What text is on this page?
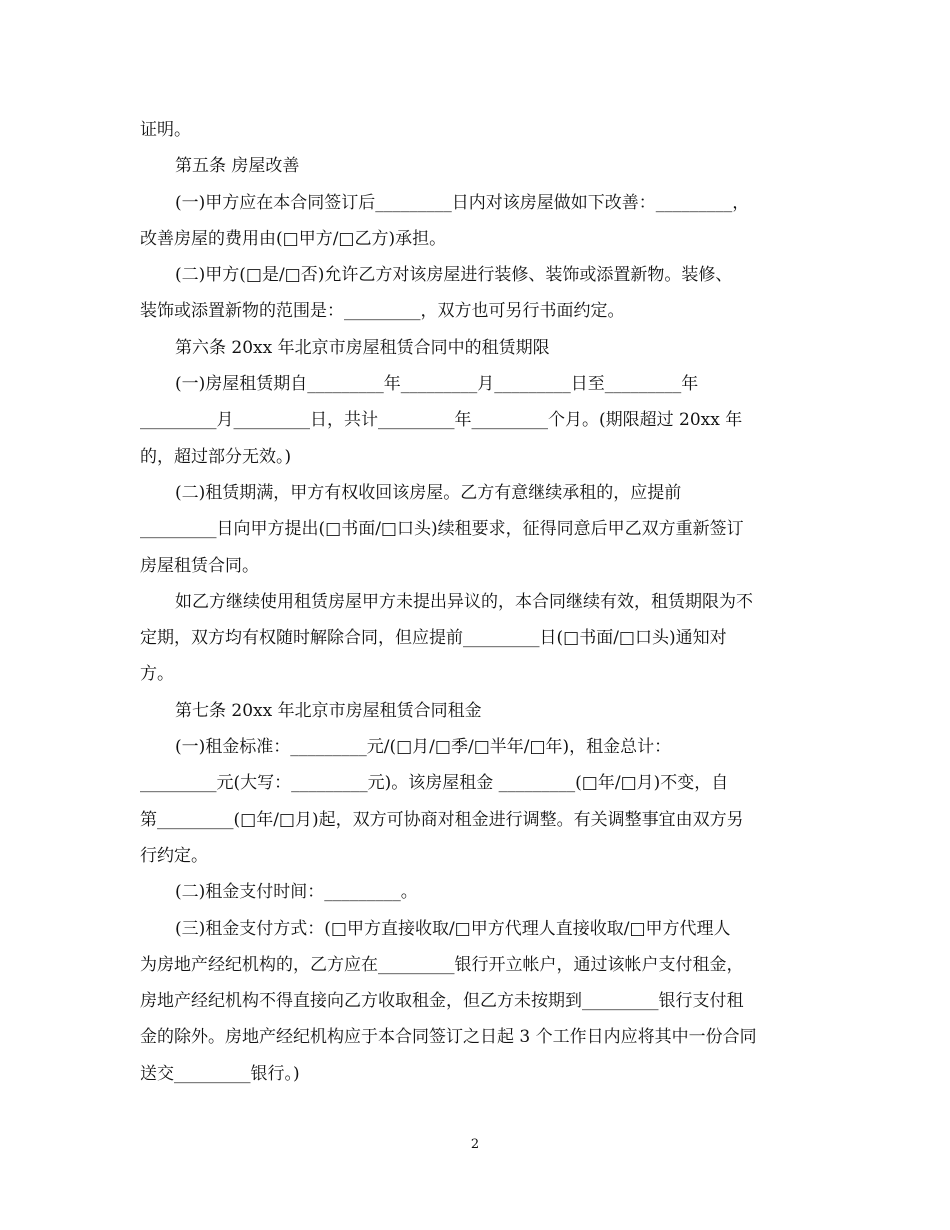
证明。
第五条 房屋改善
(一)甲方应在本合同签订后_________日内对该房屋做如下改善：_________，
改善房屋的费用由(□甲方/□乙方)承担。
(二)甲方(□是/□否)允许乙方对该房屋进行装修、装饰或添置新物。装修、
装饰或添置新物的范围是：_________，双方也可另行书面约定。
第六条 20xx 年北京市房屋租赁合同中的租赁期限
(一)房屋租赁期自_________年_________月_________日至_________年
_________月_________日，共计_________年_________个月。(期限超过 20xx 年
的，超过部分无效。)
(二)租赁期满，甲方有权收回该房屋。乙方有意继续承租的，应提前
_________日向甲方提出(□书面/□口头)续租要求，征得同意后甲乙双方重新签订
房屋租赁合同。
如乙方继续使用租赁房屋甲方未提出异议的，本合同继续有效，租赁期限为不
定期，双方均有权随时解除合同，但应提前_________日(□书面/□口头)通知对
方。
第七条 20xx 年北京市房屋租赁合同租金
(一)租金标准：_________元/(□月/□季/□半年/□年)，租金总计：
_________元(大写：_________元)。该房屋租金 _________(□年/□月)不变，自
第_________(□年/□月)起，双方可协商对租金进行调整。有关调整事宜由双方另
行约定。
(二)租金支付时间：_________。
(三)租金支付方式：(□甲方直接收取/□甲方代理人直接收取/□甲方代理人
为房地产经纪机构的，乙方应在_________银行开立帐户，通过该帐户支付租金，
房地产经纪机构不得直接向乙方收取租金，但乙方未按期到_________银行支付租
金的除外。房地产经纪机构应于本合同签订之日起 3 个工作日内应将其中一份合同
送交_________银行。)
2
